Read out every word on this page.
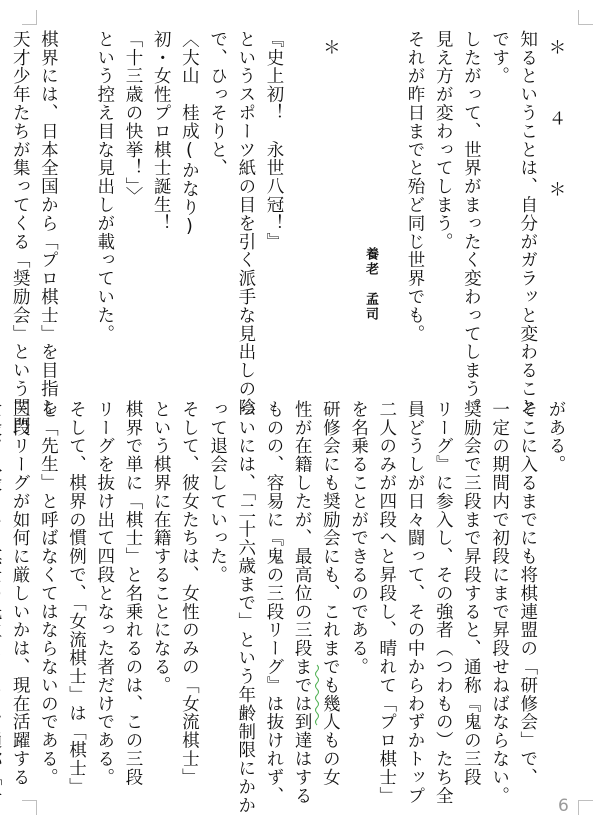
＊　４　＊
知るということは、自分がガラッと変わること
です。
したがって、世界がまったく変わってしまう。
見え方が変わってしまう。
それが昨日までと殆ど同じ世界でも。
＊
『史上初！　永世八冠！』
というスポーツ紙の目を引く派手な見出しの陰
で、ひっそりと、
〈大山　桂成(かなり)
初・女性プロ棋士誕生！
「十三歳の快挙！」〉
という控え目な見出しが載っていた。
棋界には、日本全国から「プロ棋士」を目指し
天才少年たちが集ってくる「奨励会」という関門	養老　孟司
がある。
そこに入るまでにも将棋連盟の「研修会」で、
一定の期間内で初段にまで昇段せねばならない。
奨励会で三段まで昇段すると、通称『鬼の三段
リーグ』に参入し、その強者（つわもの）たち全
員どうしが日々闘って、その中からわずかトップ
二人のみが四段へと昇段し、晴れて「プロ棋士」
を名乗ることができるのである。
研修会にも奨励会にも、これまでも幾人もの女
性が在籍したが、最高位の三段までは到達はする
ものの、容易に『鬼の三段リーグ』は抜けれず、
ついには、「二十六歳まで」という年齢制限にかか
って退会していった。
そして、彼女たちは、女性のみの「女流棋士」
という棋界に在籍することになる。
棋界で単に「棋士」と名乗れるのは、この三段
リーグを抜け出て四段となった者だけである。
そして、棋界の慣例で、「女流棋士」は「棋士」
を「先生」と呼ばなくてはならないのである。
三段リーグが如何に厳しいかは、現在活躍する
6
